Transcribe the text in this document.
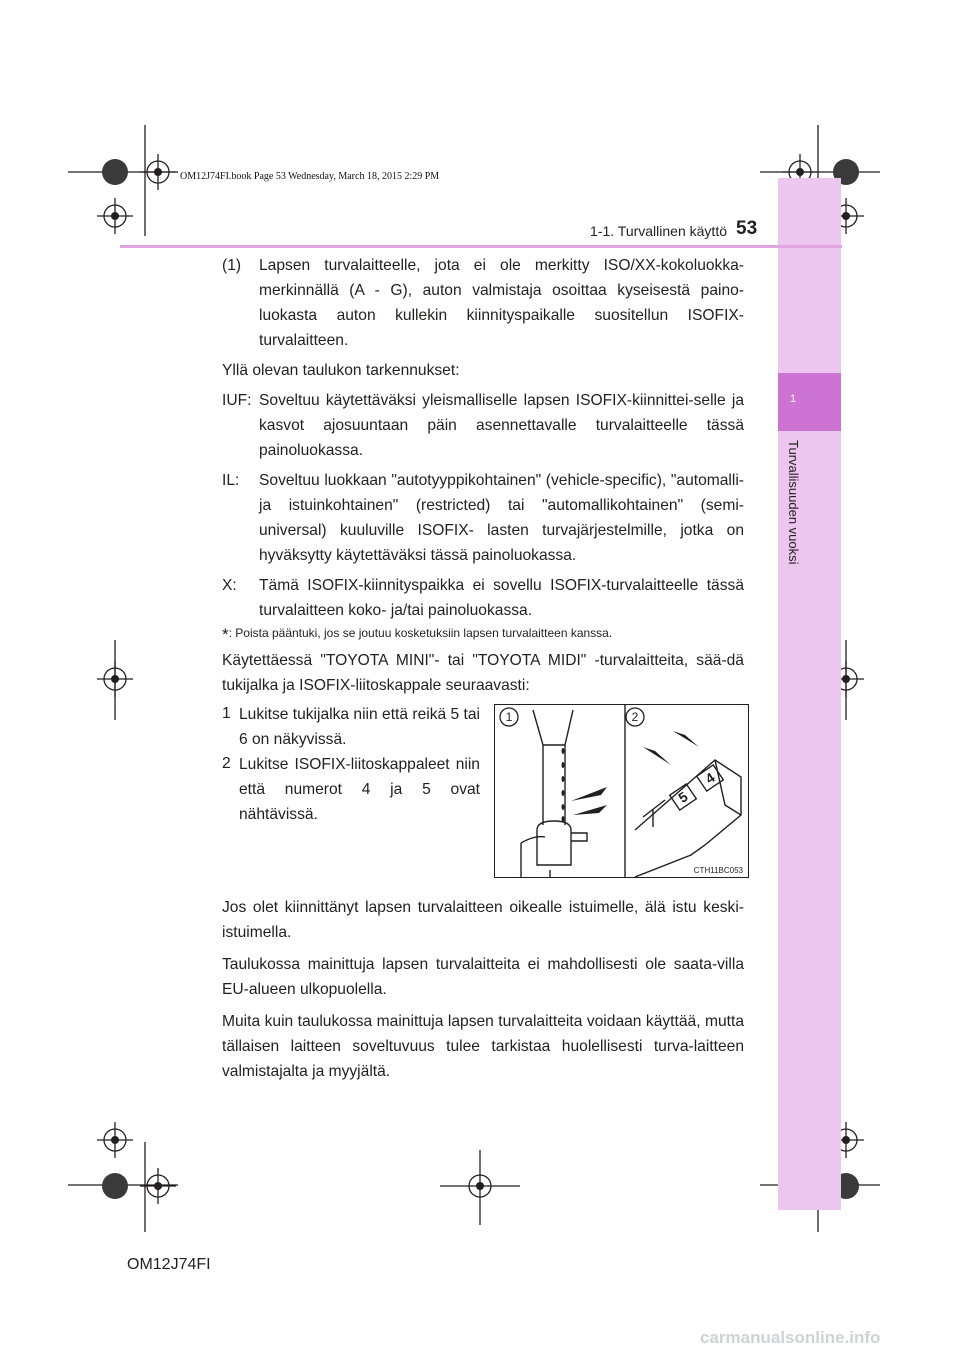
1
Turvallisuuden vuoksi
OM12J74FI.book Page 53 Wednesday, March 18, 2015 2:29 PM
1-1. Turvallinen käyttö 53
(1)	Lapsen turvalaitteelle, jota ei ole merkitty ISO/XX-kokoluokka-merkinnällä (A - G), auton valmistaja osoittaa kyseisestä paino-luokasta auton kullekin kiinnityspaikalle suositellun ISOFIX-turvalaitteen.

Yllä olevan taulukon tarkennukset:

IUF: Soveltuu käytettäväksi yleismalliselle lapsen ISOFIX-kiinnittei-selle ja kasvot ajosuuntaan päin asennettavalle turvalaitteelle tässä painoluokassa.
IL:	Soveltuu luokkaan "autotyyppikohtainen" (vehicle-specific), "automalli- ja istuinkohtainen" (restricted) tai "automallikohtainen" (semi-universal) kuuluville ISOFIX- lasten turvajärjestelmille, jotka on hyväksytty käytettäväksi tässä painoluokassa.
X:	Tämä ISOFIX-kiinnityspaikka ei sovellu ISOFIX-turvalaitteelle tässä turvalaitteen koko- ja/tai painoluokassa.

*: Poista pääntuki, jos se joutuu kosketuksiin lapsen turvalaitteen kanssa.

Käytettäessä "TOYOTA MINI"- tai "TOYOTA MIDI" -turvalaitteita, sää-dä tukijalka ja ISOFIX-liitoskappale seuraavasti:

1 Lukitse tukijalka niin että reikä 5 tai 6 on näkyvissä.
2 Lukitse ISOFIX-liitoskappaleet niin että numerot 4 ja 5 ovat nähtävissä.
1	2
5
4
CTH11BC053

Jos olet kiinnittänyt lapsen turvalaitteen oikealle istuimelle, älä istu keski-istuimella.

Taulukossa mainittuja lapsen turvalaitteita ei mahdollisesti ole saata-villa EU-alueen ulkopuolella.

Muita kuin taulukossa mainittuja lapsen turvalaitteita voidaan käyttää, mutta tällaisen laitteen soveltuvuus tulee tarkistaa huolellisesti turva-laitteen valmistajalta ja myyjältä.

OM12J74FI
carmanualsonline.info
